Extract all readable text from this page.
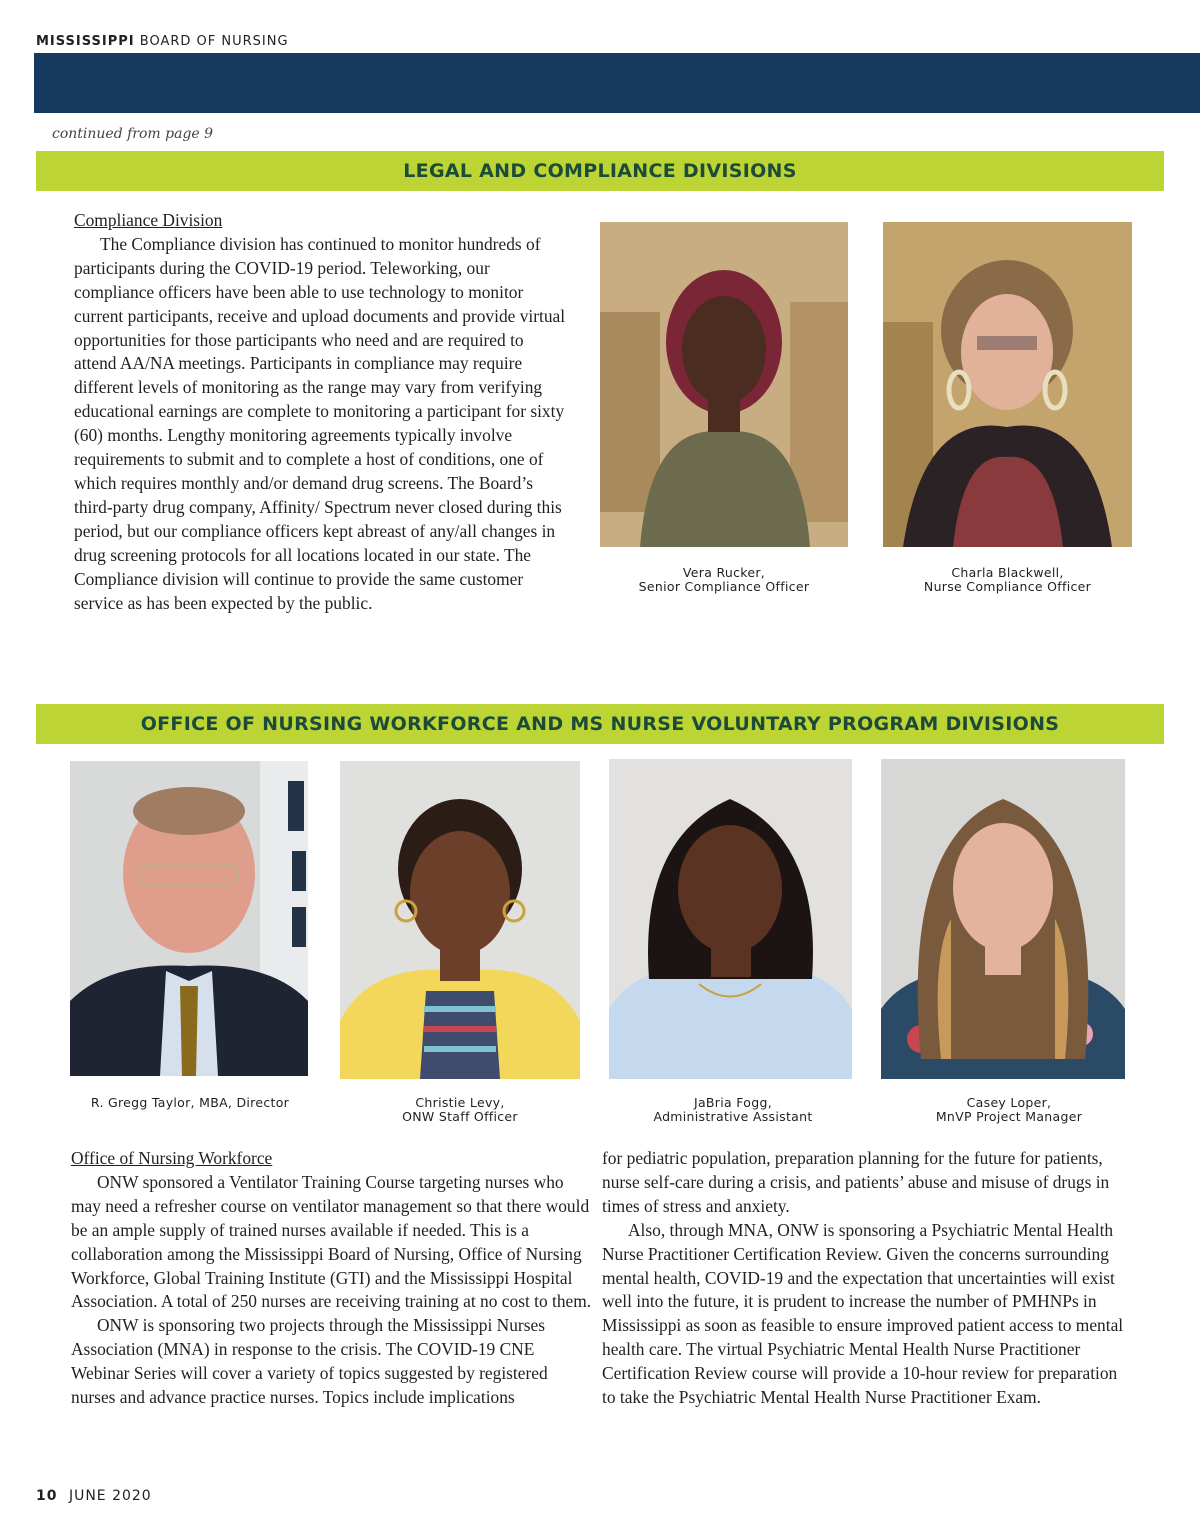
MISSISSIPPI BOARD OF NURSING
continued from page 9
LEGAL AND COMPLIANCE DIVISIONS
Compliance Division

The Compliance division has continued to monitor hundreds of participants during the COVID-19 period. Teleworking, our compliance officers have been able to use technology to monitor current participants, receive and upload documents and provide virtual opportunities for those participants who need and are required to attend AA/NA meetings. Participants in compliance may require different levels of monitoring as the range may vary from verifying educational earnings are complete to monitoring a participant for sixty (60) months. Lengthy monitoring agreements typically involve requirements to submit and to complete a host of conditions, one of which requires monthly and/or demand drug screens. The Board’s third-party drug company, Affinity/ Spectrum never closed during this period, but our compliance officers kept abreast of any/all changes in drug screening protocols for all locations located in our state. The Compliance division will continue to provide the same customer service as has been expected by the public.

Vera Rucker,
Senior Compliance Officer
Charla Blackwell,
Nurse Compliance Officer
OFFICE OF NURSING WORKFORCE AND MS NURSE VOLUNTARY PROGRAM DIVISIONS
R. Gregg Taylor, MBA, Director	Christie Levy,
ONW Staff Officer
JaBria Fogg,
Administrative Assistant
Casey Loper,
MnVP Project Manager
Office of Nursing Workforce

ONW sponsored a Ventilator Training Course targeting nurses who may need a refresher course on ventilator management so that there would be an ample supply of trained nurses available if needed. This is a collaboration among the Mississippi Board of Nursing, Office of Nursing Workforce, Global Training Institute (GTI) and the Mississippi Hospital Association. A total of 250 nurses are receiving training at no cost to them.

ONW is sponsoring two projects through the Mississippi Nurses Association (MNA) in response to the crisis. The COVID-19 CNE Webinar Series will cover a variety of topics suggested by registered nurses and advance practice nurses. Topics include implications

for pediatric population, preparation planning for the future for patients, nurse self-care during a crisis, and patients’ abuse and misuse of drugs in times of stress and anxiety.

Also, through MNA, ONW is sponsoring a Psychiatric Mental Health Nurse Practitioner Certification Review. Given the concerns surrounding mental health, COVID-19 and the expectation that uncertainties will exist well into the future, it is prudent to increase the number of PMHNPs in Mississippi as soon as feasible to ensure improved patient access to mental health care. The virtual Psychiatric Mental Health Nurse Practitioner Certification Review course will provide a 10-hour review for preparation to take the Psychiatric Mental Health Nurse Practitioner Exam.

10 JUNE 2020
